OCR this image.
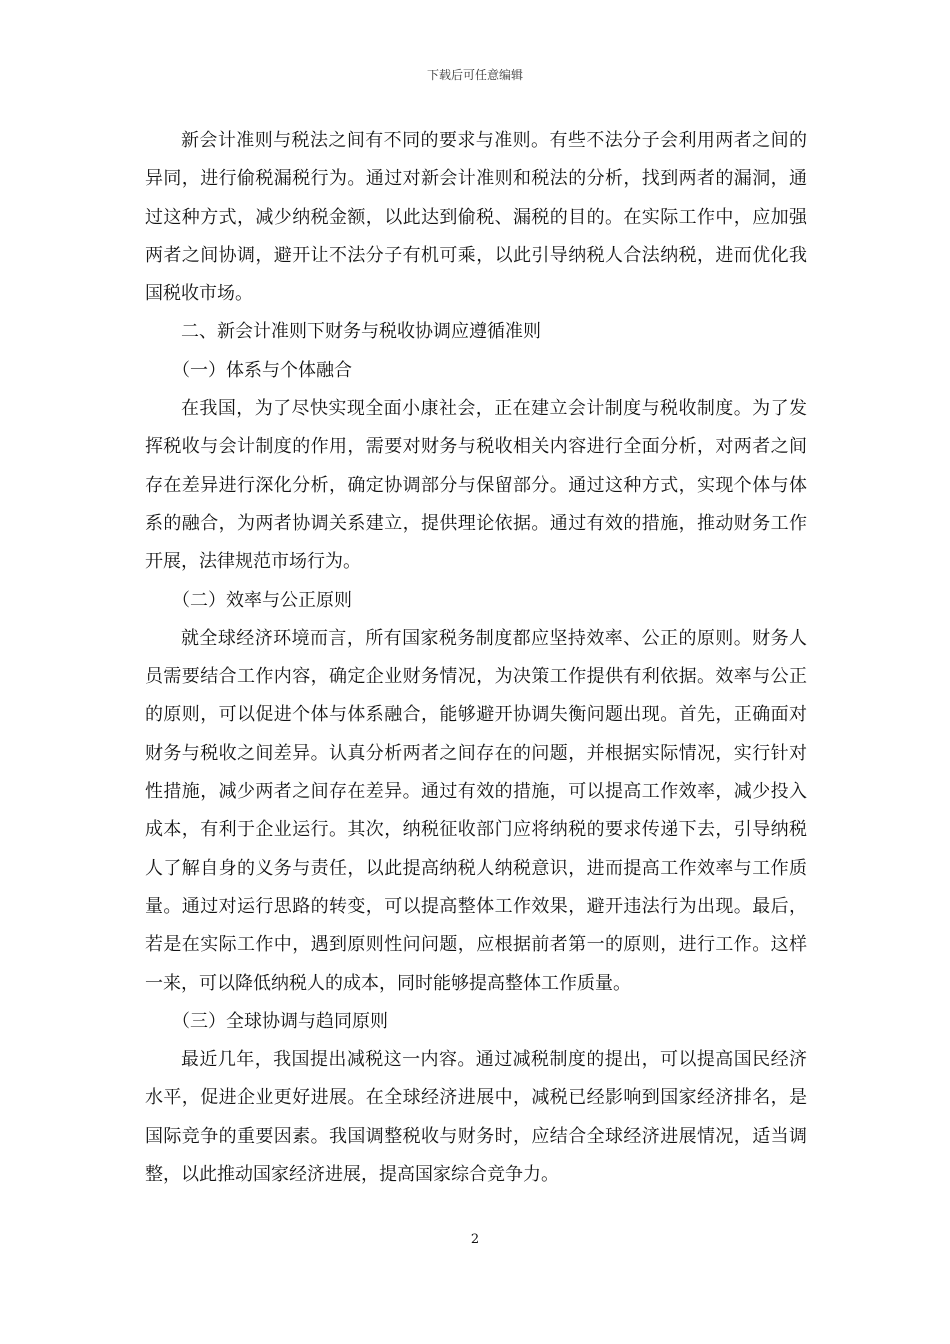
下载后可任意编辑

新会计准则与税法之间有不同的要求与准则。有些不法分子会利用两者之间的异同，进行偷税漏税行为。通过对新会计准则和税法的分析，找到两者的漏洞，通过这种方式，减少纳税金额，以此达到偷税、漏税的目的。在实际工作中，应加强两者之间协调，避开让不法分子有机可乘，以此引导纳税人合法纳税，进而优化我国税收市场。

二、新会计准则下财务与税收协调应遵循准则

（一）体系与个体融合

在我国，为了尽快实现全面小康社会，正在建立会计制度与税收制度。为了发挥税收与会计制度的作用，需要对财务与税收相关内容进行全面分析，对两者之间存在差异进行深化分析，确定协调部分与保留部分。通过这种方式，实现个体与体系的融合，为两者协调关系建立，提供理论依据。通过有效的措施，推动财务工作开展，法律规范市场行为。

（二）效率与公正原则

就全球经济环境而言，所有国家税务制度都应坚持效率、公正的原则。财务人员需要结合工作内容，确定企业财务情况，为决策工作提供有利依据。效率与公正的原则，可以促进个体与体系融合，能够避开协调失衡问题出现。首先，正确面对财务与税收之间差异。认真分析两者之间存在的问题，并根据实际情况，实行针对性措施，减少两者之间存在差异。通过有效的措施，可以提高工作效率，减少投入成本，有利于企业运行。其次，纳税征收部门应将纳税的要求传递下去，引导纳税人了解自身的义务与责任，以此提高纳税人纳税意识，进而提高工作效率与工作质量。通过对运行思路的转变，可以提高整体工作效果，避开违法行为出现。最后，若是在实际工作中，遇到原则性问问题，应根据前者第一的原则，进行工作。这样一来，可以降低纳税人的成本，同时能够提高整体工作质量。

（三）全球协调与趋同原则

最近几年，我国提出减税这一内容。通过减税制度的提出，可以提高国民经济水平，促进企业更好进展。在全球经济进展中，减税已经影响到国家经济排名，是国际竞争的重要因素。我国调整税收与财务时，应结合全球经济进展情况，适当调整，以此推动国家经济进展，提高国家综合竞争力。

2
